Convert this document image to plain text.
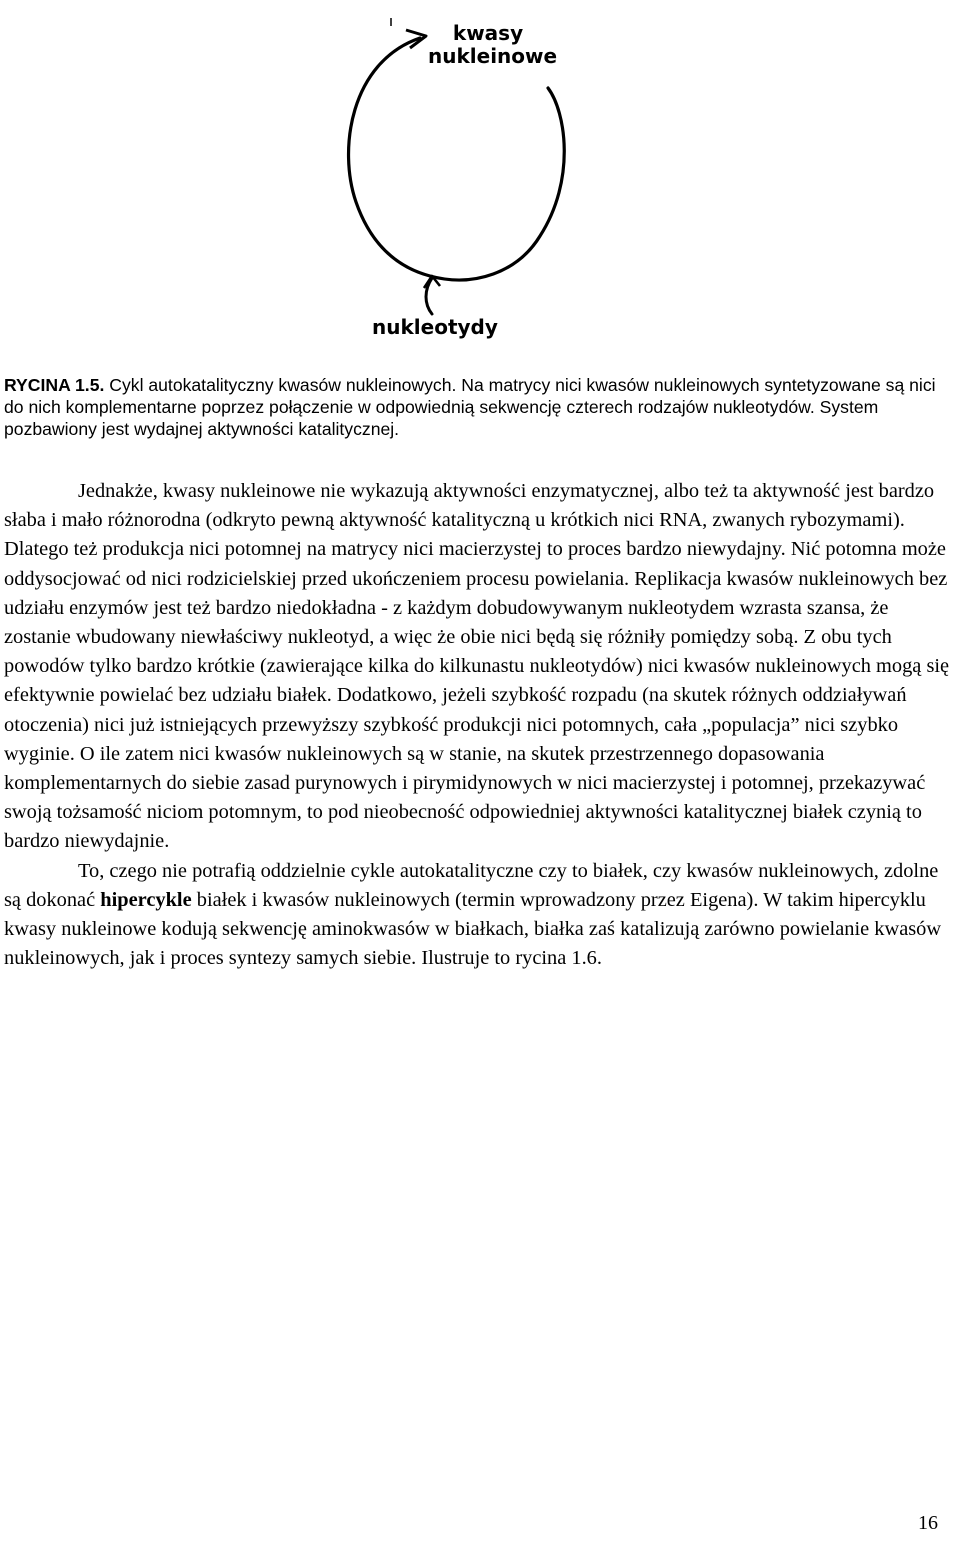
kwasy
nukleinowe
nukleotydy

RYCINA 1.5. Cykl autokatalityczny kwasów nukleinowych. Na matrycy nici kwasów nukleinowych syntetyzowane są nici do nich komplementarne poprzez połączenie w odpowiednią sekwencję czterech rodzajów nukleotydów. System pozbawiony jest wydajnej aktywności katalitycznej.

Jednakże, kwasy nukleinowe nie wykazują aktywności enzymatycznej, albo też ta aktywność jest bardzo słaba i mało różnorodna (odkryto pewną aktywność katalityczną u krótkich nici RNA, zwanych rybozymami). Dlatego też produkcja nici potomnej na matrycy nici macierzystej to proces bardzo niewydajny. Nić potomna może oddysocjować od nici rodzicielskiej przed ukończeniem procesu powielania. Replikacja kwasów nukleinowych bez udziału enzymów jest też bardzo niedokładna - z każdym dobudowywanym nukleotydem wzrasta szansa, że zostanie wbudowany niewłaściwy nukleotyd, a więc że obie nici będą się różniły pomiędzy sobą. Z obu tych powodów tylko bardzo krótkie (zawierające kilka do kilkunastu nukleotydów) nici kwasów nukleinowych mogą się efektywnie powielać bez udziału białek. Dodatkowo, jeżeli szybkość rozpadu (na skutek różnych oddziaływań otoczenia) nici już istniejących przewyższy szybkość produkcji nici potomnych, cała „populacja” nici szybko wyginie. O ile zatem nici kwasów nukleinowych są w stanie, na skutek przestrzennego dopasowania komplementarnych do siebie zasad purynowych i pirymidynowych w nici macierzystej i potomnej, przekazywać swoją tożsamość niciom potomnym, to pod nieobecność odpowiedniej aktywności katalitycznej białek czynią to bardzo niewydajnie.

To, czego nie potrafią oddzielnie cykle autokatalityczne czy to białek, czy kwasów nukleinowych, zdolne są dokonać hipercykle białek i kwasów nukleinowych (termin wprowadzony przez Eigena). W takim hipercyklu kwasy nukleinowe kodują sekwencję aminokwasów w białkach, białka zaś katalizują zarówno powielanie kwasów nukleinowych, jak i proces syntezy samych siebie. Ilustruje to rycina 1.6.

16
